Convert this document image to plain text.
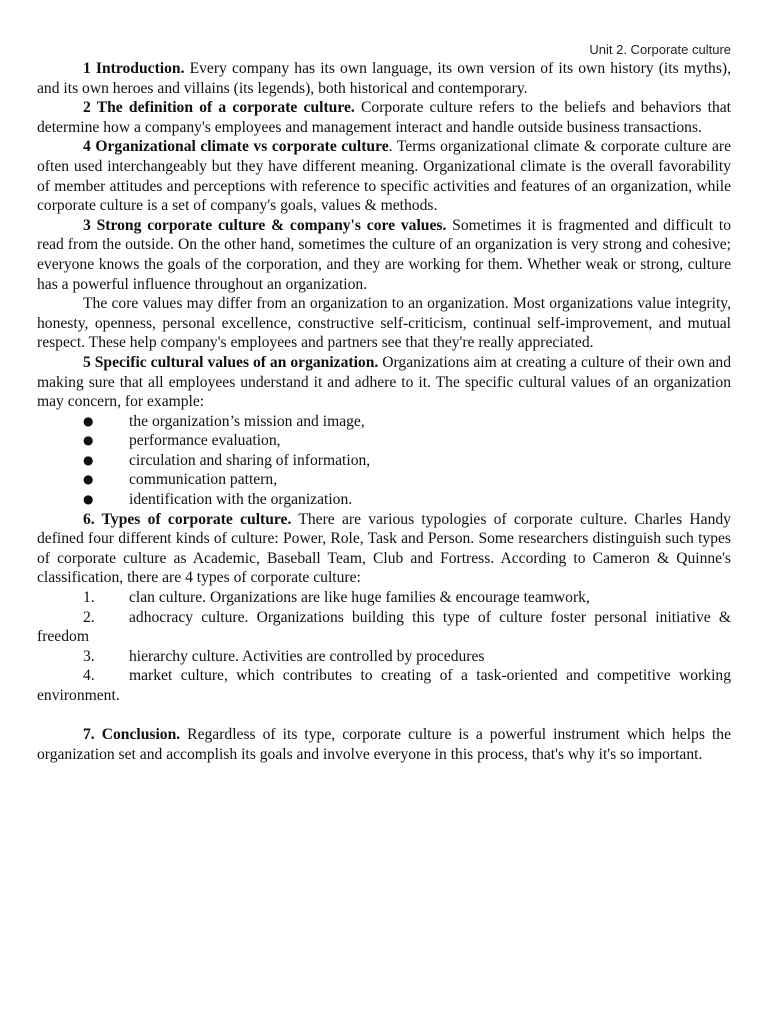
Unit 2. Corporate culture

1 Introduction. Every company has its own language, its own version of its own history (its myths), and its own heroes and villains (its legends), both historical and contemporary.

2 The definition of a corporate culture. Corporate culture refers to the beliefs and behaviors that determine how a company's employees and management interact and handle outside business transactions.

4 Organizational climate vs corporate culture. Terms organizational climate & corporate culture are often used interchangeably but they have different meaning. Organizational climate is the overall favorability of member attitudes and perceptions with reference to specific activities and features of an organization, while corporate culture is a set of company's goals, values & methods.

3 Strong corporate culture & company's core values. Sometimes it is fragmented and difficult to read from the outside. On the other hand, sometimes the culture of an organization is very strong and cohesive; everyone knows the goals of the corporation, and they are working for them. Whether weak or strong, culture has a powerful influence throughout an organization.

The core values may differ from an organization to an organization. Most organizations value integrity, honesty, openness, personal excellence, constructive self-criticism, continual self-improvement, and mutual respect. These help company's employees and partners see that they're really appreciated.

5 Specific cultural values of an organization. Organizations aim at creating a culture of their own and making sure that all employees understand it and adhere to it. The specific cultural values of an organization may concern, for example:

●	the organization’s mission and image,
●	performance evaluation,
●	circulation and sharing of information,
●	communication pattern,
●	identification with the organization.

6. Types of corporate culture. There are various typologies of corporate culture. Charles Handy defined four different kinds of culture: Power, Role, Task and Person. Some researchers distinguish such types of corporate culture as Academic, Baseball Team, Club and Fortress. According to Cameron & Quinne's classification, there are 4 types of corporate culture:

1. clan culture. Organizations are like huge families & encourage teamwork,
2. adhocracy culture. Organizations building this type of culture foster personal initiative & freedom
3. hierarchy culture. Activities are controlled by procedures
4. market culture, which contributes to creating of a task-oriented and competitive working environment.

7. Conclusion. Regardless of its type, corporate culture is a powerful instrument which helps the organization set and accomplish its goals and involve everyone in this process, that's why it's so important.
